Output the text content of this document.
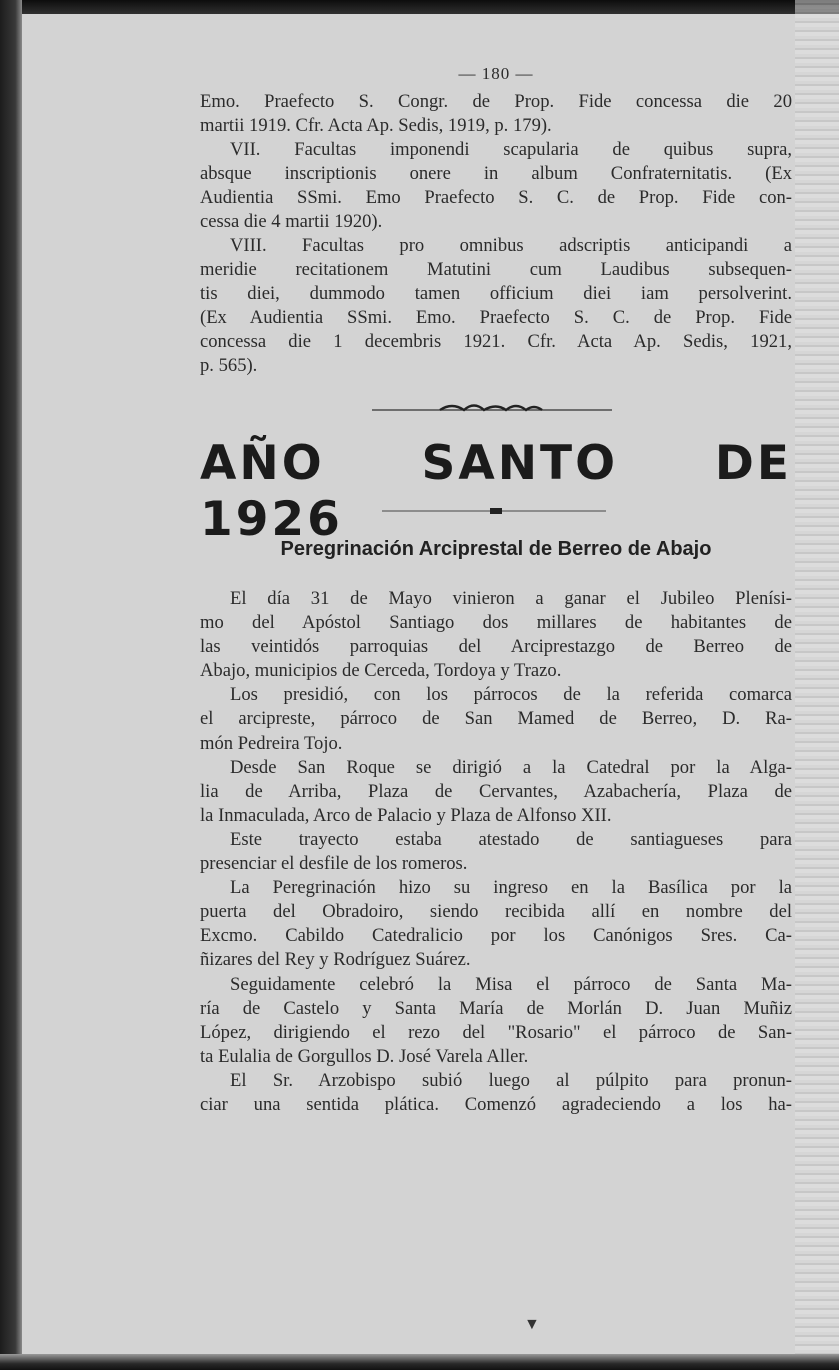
— 180 —

Emo. Praefecto S. Congr. de Prop. Fide concessa die 20

martii 1919. Cfr. Acta Ap. Sedis, 1919, p. 179).

VII. Facultas imponendi scapularia de quibus supra,

absque inscriptionis onere in album Confraternitatis. (Ex

Audientia SSmi. Emo Praefecto S. C. de Prop. Fide con-

cessa die 4 martii 1920).

VIII. Facultas pro omnibus adscriptis anticipandi a

meridie recitationem Matutini cum Laudibus subsequen-

tis diei, dummodo tamen officium diei iam persolverint.

(Ex Audientia SSmi. Emo. Praefecto S. C. de Prop. Fide

concessa die 1 decembris 1921. Cfr. Acta Ap. Sedis, 1921,

p. 565).

AÑO SANTO DE 1926

Peregrinación Arciprestal de Berreo de Abajo

El día 31 de Mayo vinieron a ganar el Jubileo Plenísi-

mo del Apóstol Santiago dos millares de habitantes de

las veintidós parroquias del Arciprestazgo de Berreo de

Abajo, municipios de Cerceda, Tordoya y Trazo.

Los presidió, con los párrocos de la referida comarca

el arcipreste, párroco de San Mamed de Berreo, D. Ra-

món Pedreira Tojo.

Desde San Roque se dirigió a la Catedral por la Alga-

lia de Arriba, Plaza de Cervantes, Azabachería, Plaza de

la Inmaculada, Arco de Palacio y Plaza de Alfonso XII.

Este trayecto estaba atestado de santiagueses para

presenciar el desfile de los romeros.

La Peregrinación hizo su ingreso en la Basílica por la

puerta del Obradoiro, siendo recibida allí en nombre del

Excmo. Cabildo Catedralicio por los Canónigos Sres. Ca-

ñizares del Rey y Rodríguez Suárez.

Seguidamente celebró la Misa el párroco de Santa Ma-

ría de Castelo y Santa María de Morlán D. Juan Muñiz

López, dirigiendo el rezo del "Rosario" el párroco de San-

ta Eulalia de Gorgullos D. José Varela Aller.

El Sr. Arzobispo subió luego al púlpito para pronun-

ciar una sentida plática. Comenzó agradeciendo a los ha-

▼
